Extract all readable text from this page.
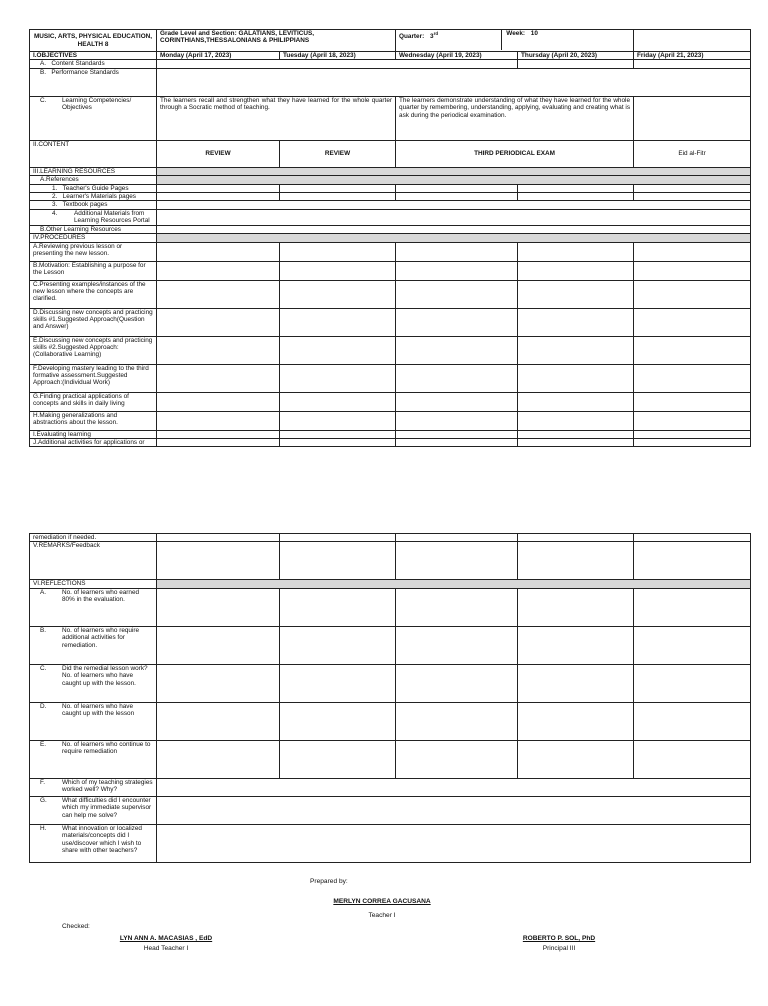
MUSIC, ARTS, PHYSICAL EDUCATION, HEALTH 8	Grade Level and Section: GALATIANS, LEVITICUS, CORINTHIANS,THESSALONIANS & PHILIPPIANS		Quarter: 3rd Week: 10		

I.OBJECTIVES	Monday (April 17, 2023)	Tuesday (April 18, 2023)	Wednesday (April 19, 2023)	Thursday (April 20, 2023)	Friday (April 21, 2023)
A. Content Standards					
B. Performance Standards					

C. Learning Competencies/ Objectives	The learners recall and strengthen what they have learned for the whole quarter through a Socratic method of teaching.		The learners demonstrate understanding of what they have learned for the whole quarter by remembering, understanding, applying, evaluating and creating what is ask during the periodical examination.		
II.CONTENT	REVIEW	REVIEW	THIRD PERIODICAL EXAM		Eid al-Fitr
III.LEARNING RESOURCES					
A.References					
1. Teacher's Guide Pages					
2. Learner's Materials pages					
3. Textbook pages					

4. Additional Materials from Learning Resources Portal					

B.Other Learning Resources					
IV.PROCEDURES					
A.Reviewing previous lesson or presenting the new lesson.					
B.Motivation: Establishing a purpose for the Lesson					
C.Presenting examples/instances of the new lesson where the concepts are clarified.					
D.Discussing new concepts and practicing skills #1.Suggested Approach(Question and Answer)					
E.Discussing new concepts and practicing skills #2.Suggested Approach:(Collaborative Learning)					
F.Developing mastery leading to the third formative assessment.Suggested Approach:(Individual Work)					
G.Finding practical applications of concepts and skills in daily living					
H.Making generalizations and abstractions about the lesson.					
I.Evaluating learning					
J.Additional activities for applications or					
remediation if needed.					
V.REMARKS/Feedback					
VI.REFLECTIONS					

A. No. of learners who earned 80% in the evaluation.					

B. No. of learners who require additional activities for remediation.					

C. Did the remedial lesson work? No. of learners who have caught up with the lesson.					

D. No. of learners who have caught up with the lesson					

E. No. of learners who continue to require remediation					

F. Which of my teaching strategies worked well? Why?					

G. What difficulties did I encounter which my immediate supervisor can help me solve?					

H. What innovation or localized materials/concepts did I use/discover which I wish to share with other teachers?					

Prepared by:
MERLYN CORREA GACUSANA
Teacher I
Checked:
LYN ANN A. MACASIAS , EdD
Head Teacher I
ROBERTO P. SOL, PhD
Principal III
